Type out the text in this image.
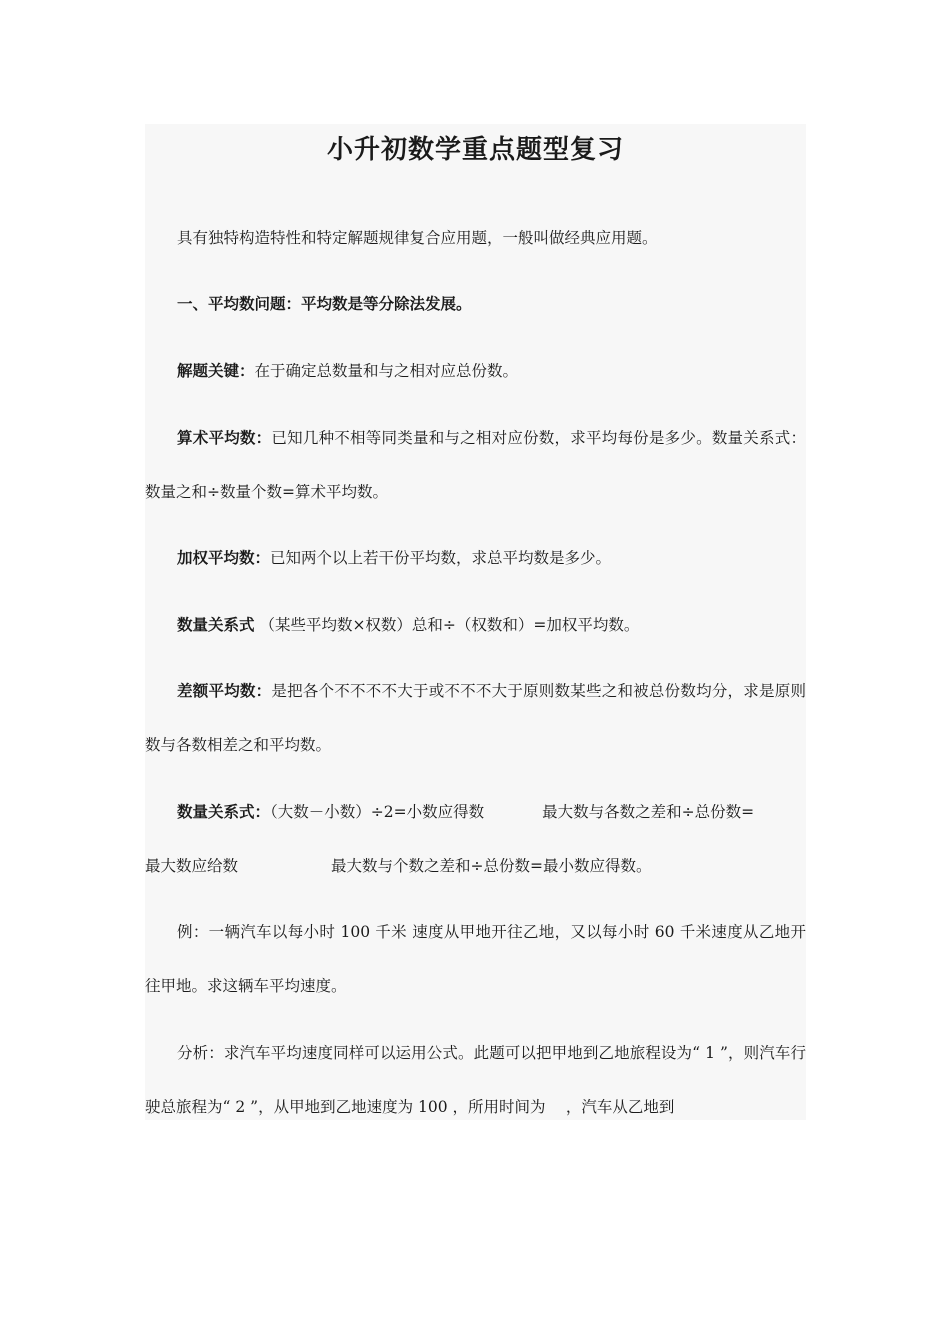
小升初数学重点题型复习

具有独特构造特性和特定解题规律复合应用题，一般叫做经典应用题。

一、平均数问题：平均数是等分除法发展。

解题关键：在于确定总数量和与之相对应总份数。

算术平均数：已知几种不相等同类量和与之相对应份数，求平均每份是多少。数量关系式：数量之和÷数量个数=算术平均数。

加权平均数：已知两个以上若干份平均数，求总平均数是多少。

数量关系式 （某些平均数×权数）总和÷（权数和）=加权平均数。

差额平均数：是把各个不不不不大于或不不不大于原则数某些之和被总份数均分，求是原则数与各数相差之和平均数。

数量关系式：（大数－小数）÷2=小数应得数	最大数与各数之差和÷总份数=

最大数应给数	最大数与个数之差和÷总份数=最小数应得数。

例：一辆汽车以每小时 100 千米 速度从甲地开往乙地，又以每小时 60 千米速度从乙地开往甲地。求这辆车平均速度。

分析：求汽车平均速度同样可以运用公式。此题可以把甲地到乙地旅程设为“ 1 ”，则汽车行驶总旅程为“ 2 ”，从甲地到乙地速度为 100 ，所用时间为　 ，汽车从乙地到
